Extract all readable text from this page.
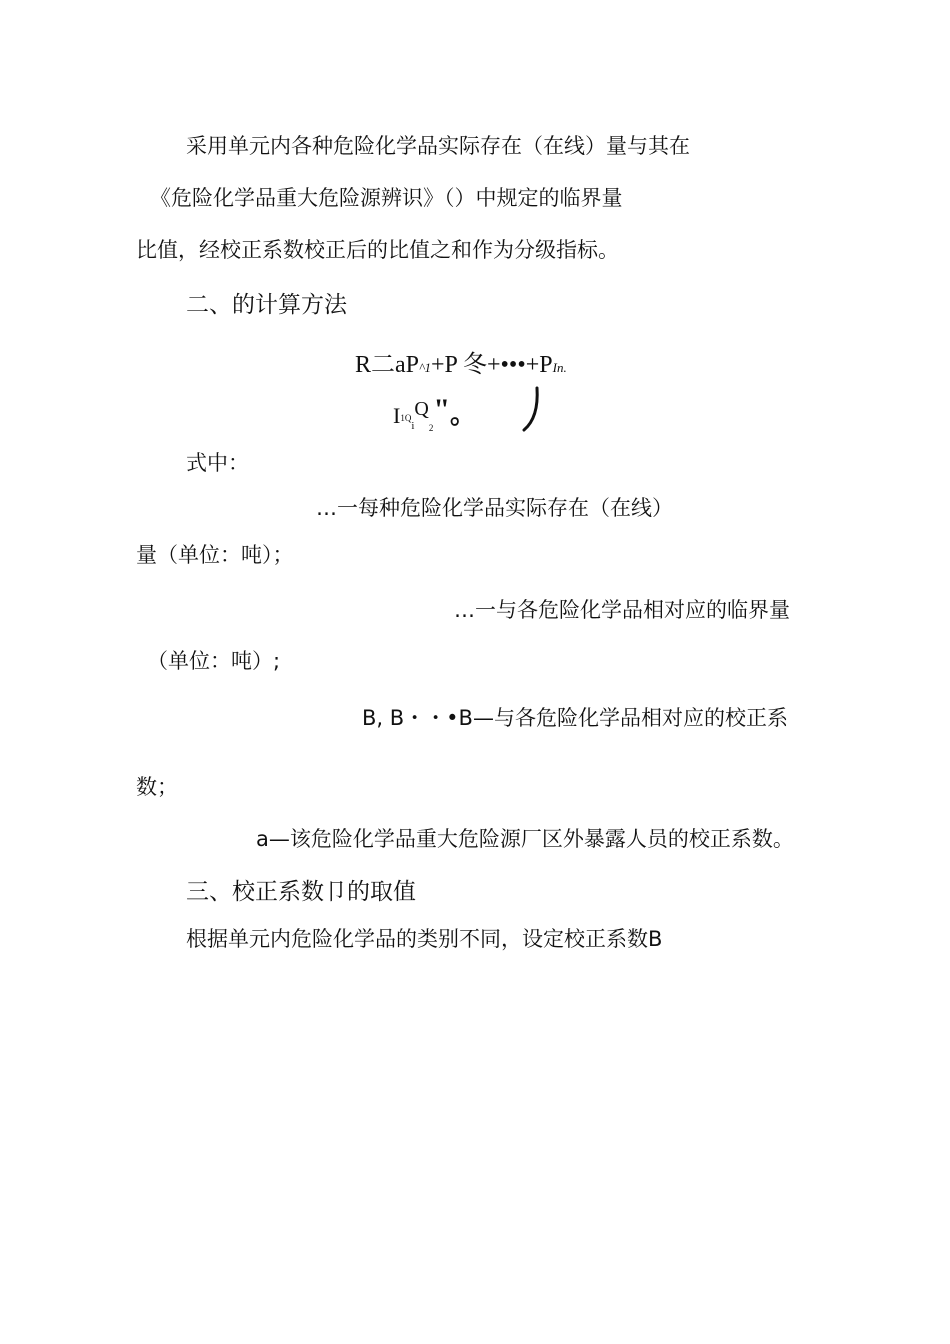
采用单元内各种危险化学品实际存在（在线）量与其在
《危险化学品重大危险源辨识》（）中规定的临界量
比值，经校正系数校正后的比值之和作为分级指标。
二、的计算方法
R二aP^1+P 冬+•••+PIn.
$I1Q_iQ_2$"。
式中：
…一每种危险化学品实际存在（在线）
量（单位：吨）；
…一与各危险化学品相对应的临界量
（单位：吨）;
B, B・・•B—与各危险化学品相对应的校正系
数；
a—该危险化学品重大危险源厂区外暴露人员的校正系数。
三、校正系数卩的取值
根据单元内危险化学品的类别不同，设定校正系数B
